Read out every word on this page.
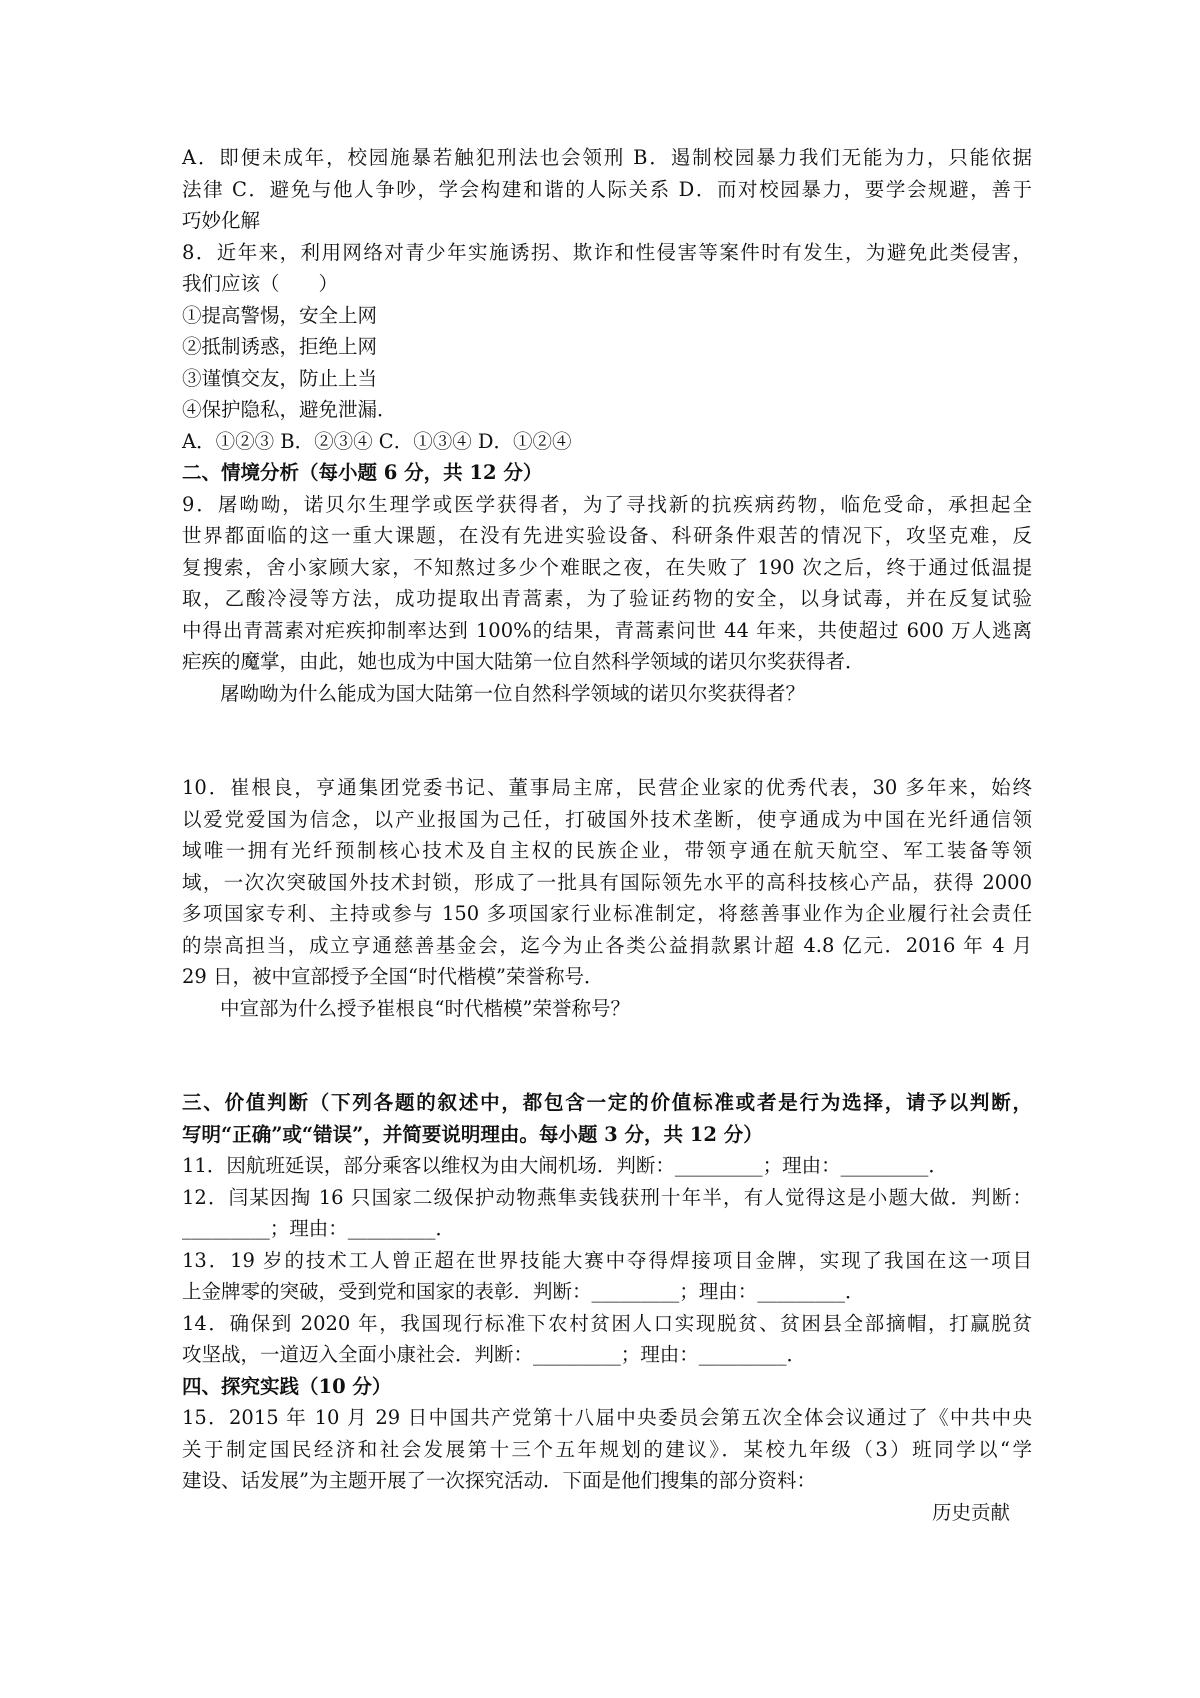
A．即便未成年，校园施暴若触犯刑法也会领刑 B．遏制校园暴力我们无能为力，只能依据
法律 C．避免与他人争吵，学会构建和谐的人际关系 D．而对校园暴力，要学会规避，善于
巧妙化解
8．近年来，利用网络对青少年实施诱拐、欺诈和性侵害等案件时有发生，为避免此类侵害，
我们应该（　　）
①提高警惕，安全上网
②抵制诱惑，拒绝上网
③谨慎交友，防止上当
④保护隐私，避免泄漏．
A．①②③ B．②③④ C．①③④ D．①②④
二、情境分析（每小题 6 分，共 12 分）
9．屠呦呦，诺贝尔生理学或医学获得者，为了寻找新的抗疾病药物，临危受命，承担起全
世界都面临的这一重大课题，在没有先进实验设备、科研条件艰苦的情况下，攻坚克难，反
复搜索，舍小家顾大家，不知熬过多少个难眠之夜，在失败了 190 次之后，终于通过低温提
取，乙酸冷浸等方法，成功提取出青蒿素，为了验证药物的安全，以身试毒，并在反复试验
中得出青蒿素对疟疾抑制率达到 100%的结果，青蒿素问世 44 年来，共使超过 600 万人逃离
疟疾的魔掌，由此，她也成为中国大陆第一位自然科学领域的诺贝尔奖获得者．
屠呦呦为什么能成为国大陆第一位自然科学领域的诺贝尔奖获得者？
10．崔根良，亨通集团党委书记、董事局主席，民营企业家的优秀代表，30 多年来，始终
以爱党爱国为信念，以产业报国为己任，打破国外技术垄断，使亨通成为中国在光纤通信领
域唯一拥有光纤预制核心技术及自主权的民族企业，带领亨通在航天航空、军工装备等领
域，一次次突破国外技术封锁，形成了一批具有国际领先水平的高科技核心产品，获得 2000
多项国家专利、主持或参与 150 多项国家行业标准制定，将慈善事业作为企业履行社会责任
的崇高担当，成立亨通慈善基金会，迄今为止各类公益捐款累计超 4.8 亿元．2016 年 4 月
29 日，被中宣部授予全国“时代楷模”荣誉称号．
中宣部为什么授予崔根良“时代楷模”荣誉称号？
三、价值判断（下列各题的叙述中，都包含一定的价值标准或者是行为选择，请予以判断，
写明“正确”或“错误”，并简要说明理由。每小题 3 分，共 12 分）
11．因航班延误，部分乘客以维权为由大闹机场．判断：_________；理由：_________．
12．闫某因掏 16 只国家二级保护动物燕隼卖钱获刑十年半，有人觉得这是小题大做．判断：
_________；理由：_________．
13．19 岁的技术工人曾正超在世界技能大赛中夺得焊接项目金牌，实现了我国在这一项目
上金牌零的突破，受到党和国家的表彰．判断：_________；理由：_________．
14．确保到 2020 年，我国现行标准下农村贫困人口实现脱贫、贫困县全部摘帽，打赢脱贫
攻坚战，一道迈入全面小康社会．判断：_________；理由：_________．
四、探究实践（10 分）
15．2015 年 10 月 29 日中国共产党第十八届中央委员会第五次全体会议通过了《中共中央
关于制定国民经济和社会发展第十三个五年规划的建议》．某校九年级（3）班同学以“学
建设、话发展”为主题开展了一次探究活动．下面是他们搜集的部分资料：
历史贡献
